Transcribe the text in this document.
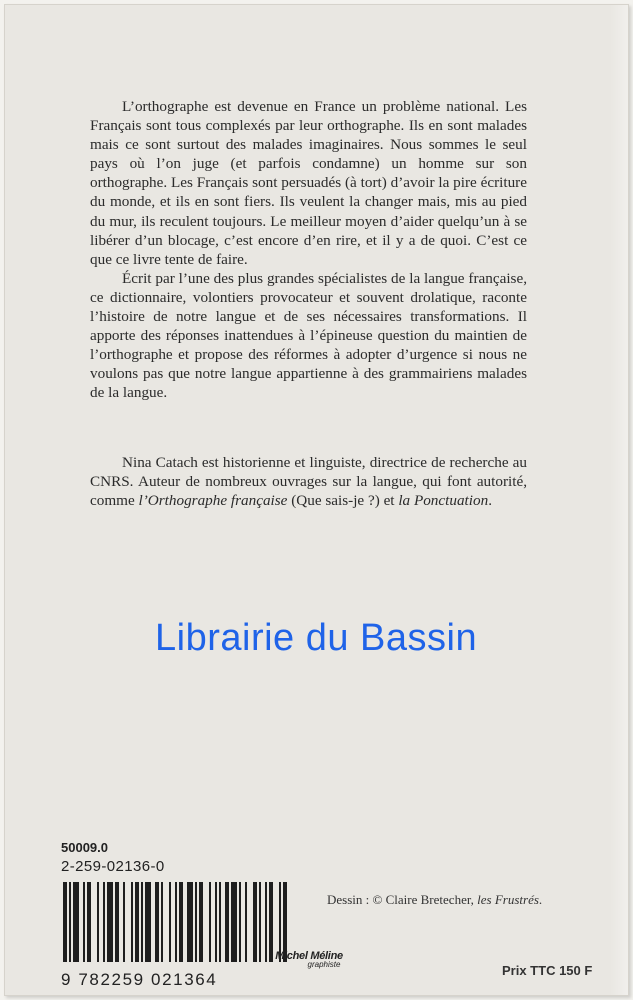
L’orthographe est devenue en France un problème national. Les Français sont tous complexés par leur orthographe. Ils en sont malades mais ce sont surtout des malades imaginaires. Nous sommes le seul pays où l’on juge (et parfois condamne) un homme sur son orthographe. Les Français sont persuadés (à tort) d’avoir la pire écriture du monde, et ils en sont fiers. Ils veulent la changer mais, mis au pied du mur, ils reculent toujours. Le meilleur moyen d’aider quelqu’un à se libérer d’un blocage, c’est encore d’en rire, et il y a de quoi. C’est ce que ce livre tente de faire.

Écrit par l’une des plus grandes spécialistes de la langue française, ce dictionnaire, volontiers provocateur et souvent drolatique, raconte l’histoire de notre langue et de ses nécessaires transformations. Il apporte des réponses inattendues à l’épineuse question du maintien de l’orthographe et propose des réformes à adopter d’urgence si nous ne voulons pas que notre langue appartienne à des grammairiens malades de la langue.

Nina Catach est historienne et linguiste, directrice de recherche au CNRS. Auteur de nombreux ouvrages sur la langue, qui font autorité, comme l’Orthographe française (Que sais-je ?) et la Ponctuation.

Librairie du Bassin
50009.0
2-259-02136-0
9 782259 021364
Dessin : © Claire Bretecher, les Frustrés.
Michel Méline
graphiste	Prix TTC 150 F
